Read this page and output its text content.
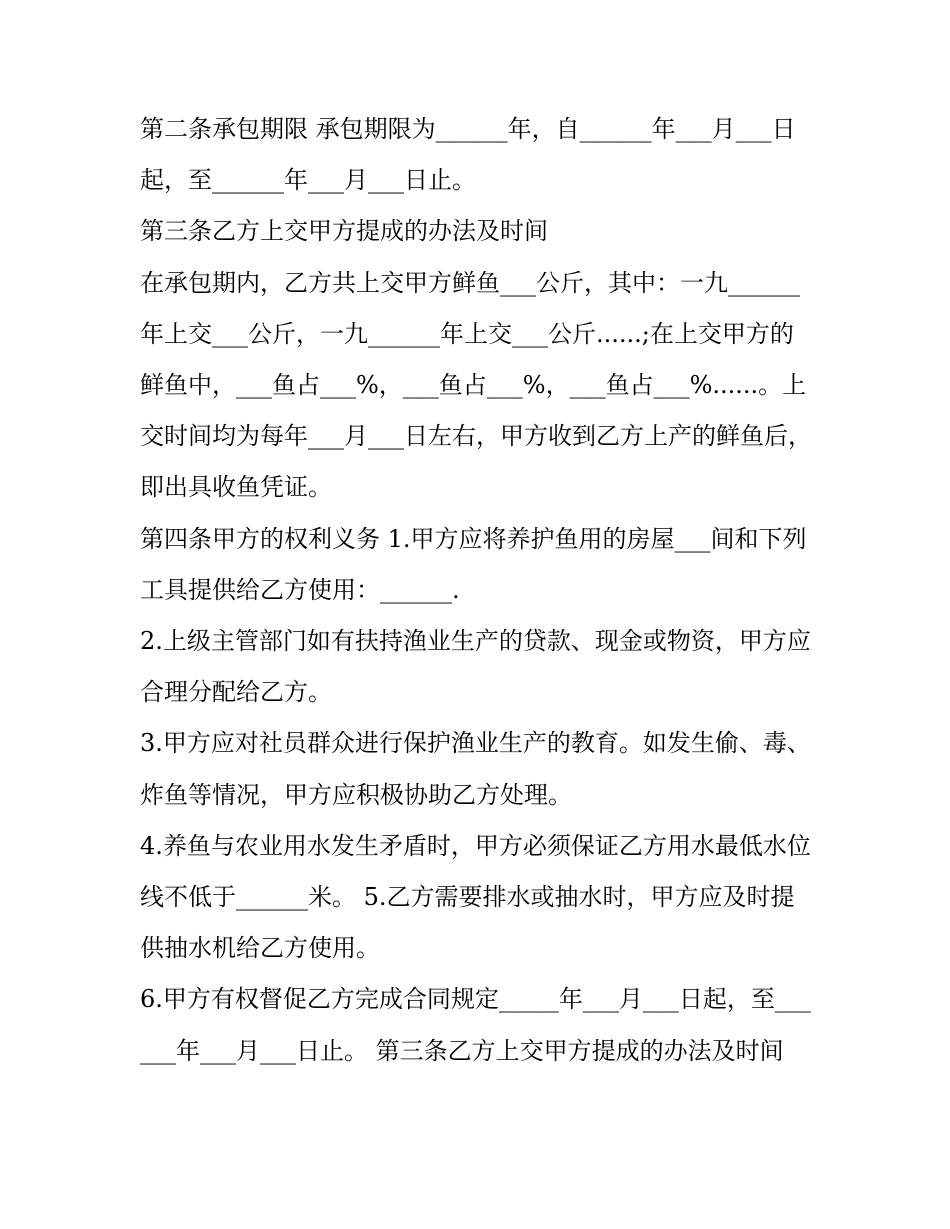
第二条承包期限 承包期限为______年，自______年___月___日起，至______年___月___日止。

第三条乙方上交甲方提成的办法及时间

在承包期内，乙方共上交甲方鲜鱼___公斤，其中：一九______年上交___公斤，一九______年上交___公斤......;在上交甲方的鲜鱼中，___鱼占___%，___鱼占___%，___鱼占___%......。上交时间均为每年___月___日左右，甲方收到乙方上产的鲜鱼后，即出具收鱼凭证。

第四条甲方的权利义务 1.甲方应将养护鱼用的房屋___间和下列工具提供给乙方使用：______.

2.上级主管部门如有扶持渔业生产的贷款、现金或物资，甲方应合理分配给乙方。

3.甲方应对社员群众进行保护渔业生产的教育。如发生偷、毒、炸鱼等情况，甲方应积极协助乙方处理。

4.养鱼与农业用水发生矛盾时，甲方必须保证乙方用水最低水位线不低于______米。 5.乙方需要排水或抽水时，甲方应及时提供抽水机给乙方使用。

6.甲方有权督促乙方完成合同规定_____年___月___日起，至______年___月___日止。 第三条乙方上交甲方提成的办法及时间
